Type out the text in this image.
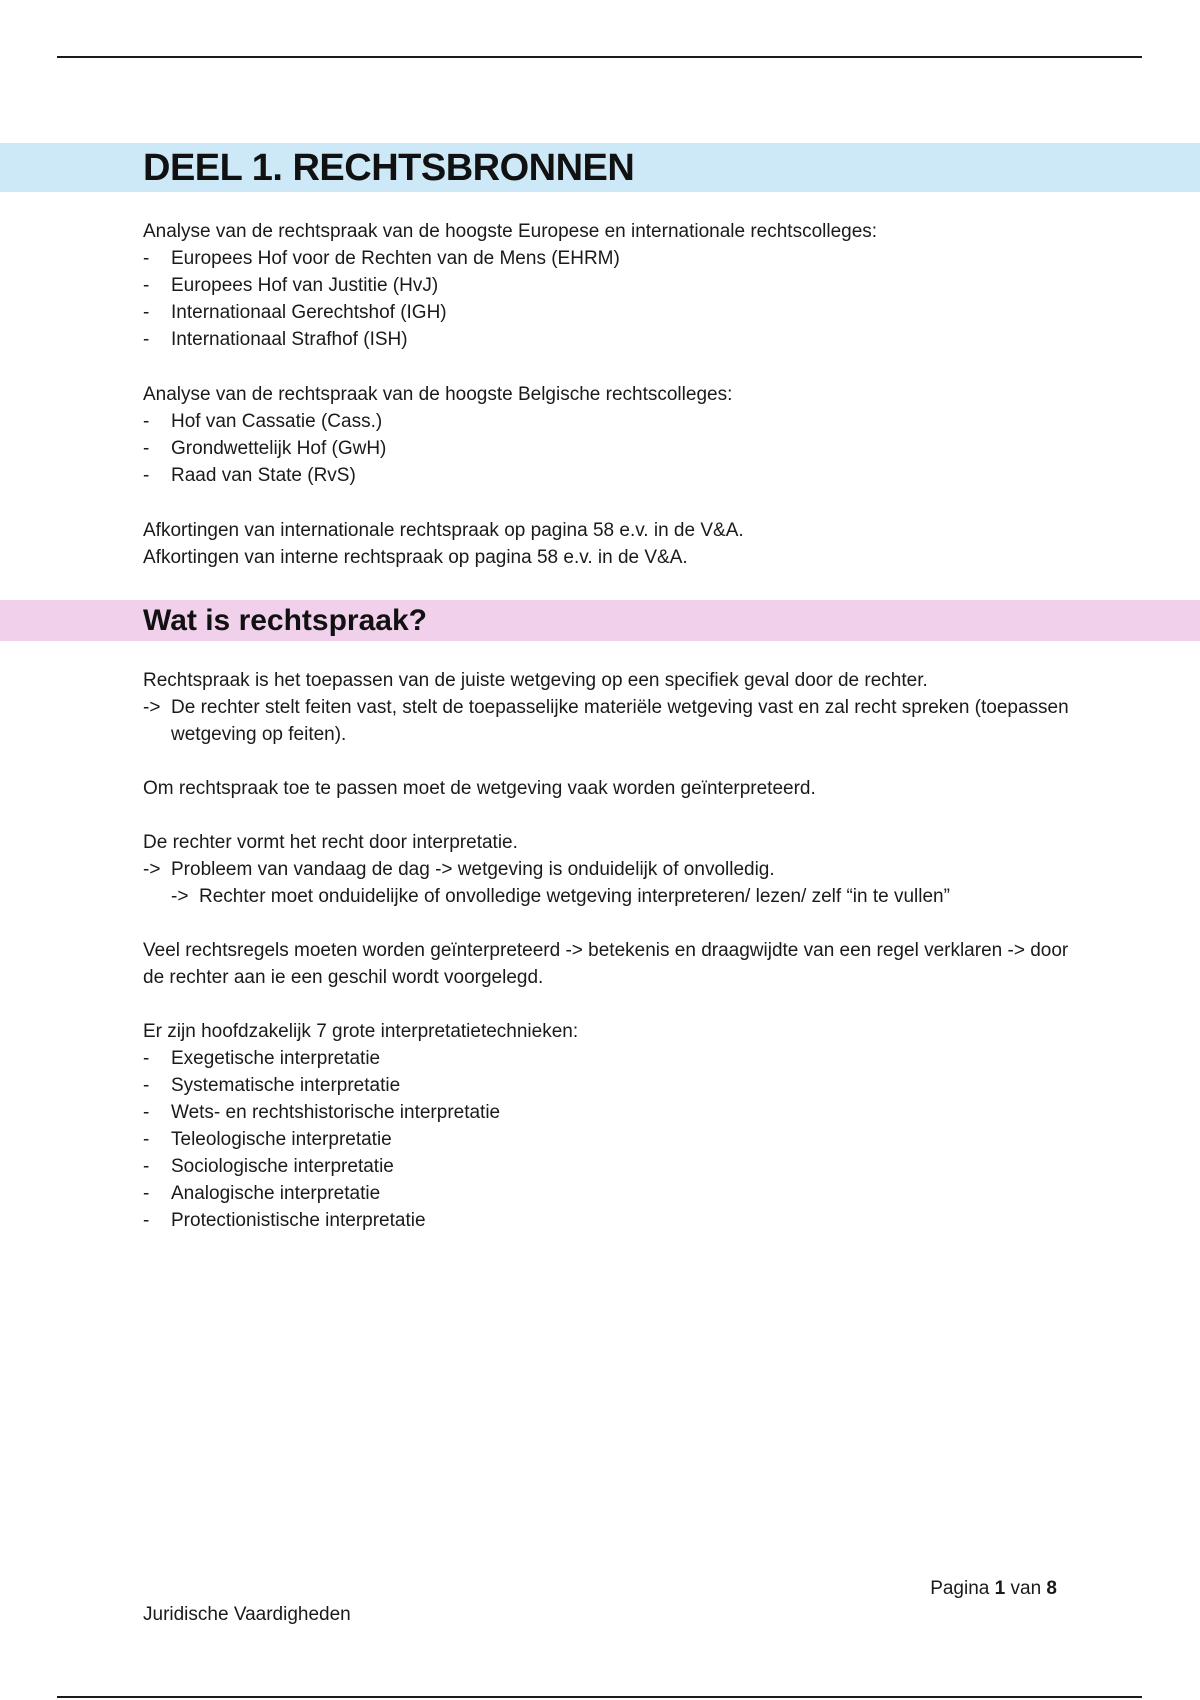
DEEL 1. RECHTSBRONNEN

Analyse van de rechtspraak van de hoogste Europese en internationale rechtscolleges:

- Europees Hof voor de Rechten van de Mens (EHRM)
- Europees Hof van Justitie (HvJ)
- Internationaal Gerechtshof (IGH)
- Internationaal Strafhof (ISH)

Analyse van de rechtspraak van de hoogste Belgische rechtscolleges:

- Hof van Cassatie (Cass.)
- Grondwettelijk Hof (GwH)
- Raad van State (RvS)

Afkortingen van internationale rechtspraak op pagina 58 e.v. in de V&A.

Afkortingen van interne rechtspraak op pagina 58 e.v. in de V&A.

Wat is rechtspraak?

Rechtspraak is het toepassen van de juiste wetgeving op een specifiek geval door de rechter.

-> De rechter stelt feiten vast, stelt de toepasselijke materiële wetgeving vast en zal recht spreken (toepassen wetgeving op feiten).

Om rechtspraak toe te passen moet de wetgeving vaak worden geïnterpreteerd.

De rechter vormt het recht door interpretatie.

-> Probleem van vandaag de dag -> wetgeving is onduidelijk of onvolledig.
-> Rechter moet onduidelijke of onvolledige wetgeving interpreteren/ lezen/ zelf “in te vullen”

Veel rechtsregels moeten worden geïnterpreteerd -> betekenis en draagwijdte van een regel verklaren -> door de rechter aan ie een geschil wordt voorgelegd.

Er zijn hoofdzakelijk 7 grote interpretatietechnieken:

- Exegetische interpretatie
- Systematische interpretatie
- Wets- en rechtshistorische interpretatie
- Teleologische interpretatie
- Sociologische interpretatie
- Analogische interpretatie
- Protectionistische interpretatie
Pagina 1 van 8
Juridische Vaardigheden
